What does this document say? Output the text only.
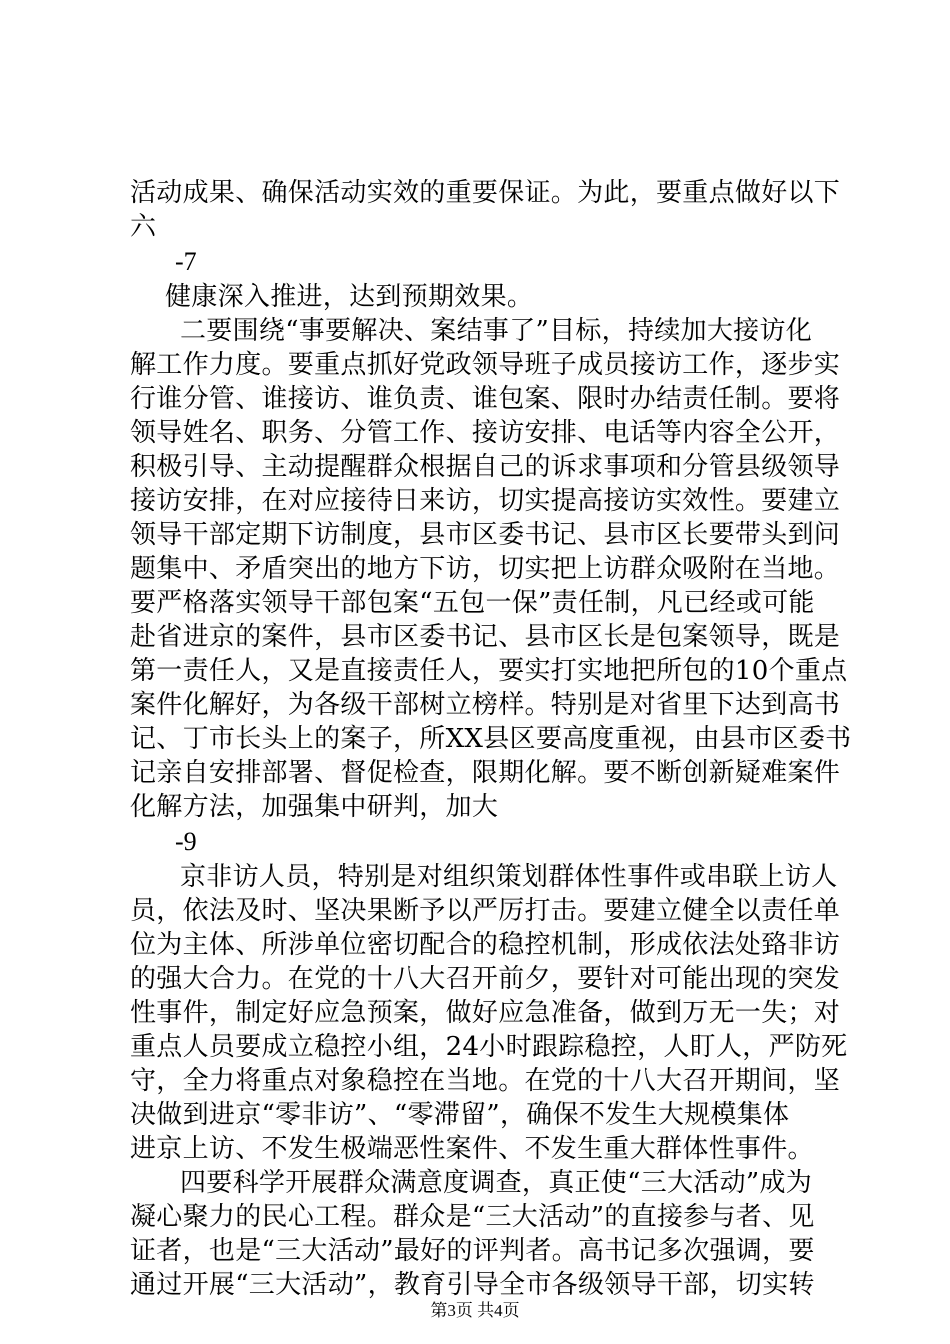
活动成果、确保活动实效的重要保证。为此，要重点做好以下
六
-7
健康深入推进，达到预期效果。
二要围绕“事要解决、案结事了”目标，持续加大接访化
解工作力度。要重点抓好党政领导班子成员接访工作，逐步实
行谁分管、谁接访、谁负责、谁包案、限时办结责任制。要将
领导姓名、职务、分管工作、接访安排、电话等内容全公开，
积极引导、主动提醒群众根据自己的诉求事项和分管县级领导
接访安排，在对应接待日来访，切实提高接访实效性。要建立
领导干部定期下访制度，县市区委书记、县市区长要带头到问
题集中、矛盾突出的地方下访，切实把上访群众吸附在当地。
要严格落实领导干部包案“五包一保”责任制，凡已经或可能
赴省进京的案件，县市区委书记、县市区长是包案领导，既是
第一责任人，又是直接责任人，要实打实地把所包的10个重点
案件化解好，为各级干部树立榜样。特别是对省里下达到高书
记、丁市长头上的案子，所XX县区要高度重视，由县市区委书
记亲自安排部署、督促检查，限期化解。要不断创新疑难案件
化解方法，加强集中研判，加大
-9
京非访人员，特别是对组织策划群体性事件或串联上访人
员，依法及时、坚决果断予以严厉打击。要建立健全以责任单
位为主体、所涉单位密切配合的稳控机制，形成依法处臵非访
的强大合力。在党的十八大召开前夕，要针对可能出现的突发
性事件，制定好应急预案，做好应急准备，做到万无一失；对
重点人员要成立稳控小组，24小时跟踪稳控，人盯人，严防死
守，全力将重点对象稳控在当地。在党的十八大召开期间，坚
决做到进京“零非访”、“零滞留”，确保不发生大规模集体
进京上访、不发生极端恶性案件、不发生重大群体性事件。
四要科学开展群众满意度调查，真正使“三大活动”成为
凝心聚力的民心工程。群众是“三大活动”的直接参与者、见
证者，也是“三大活动”最好的评判者。高书记多次强调，要
通过开展“三大活动”，教育引导全市各级领导干部，切实转
第3页 共4页
